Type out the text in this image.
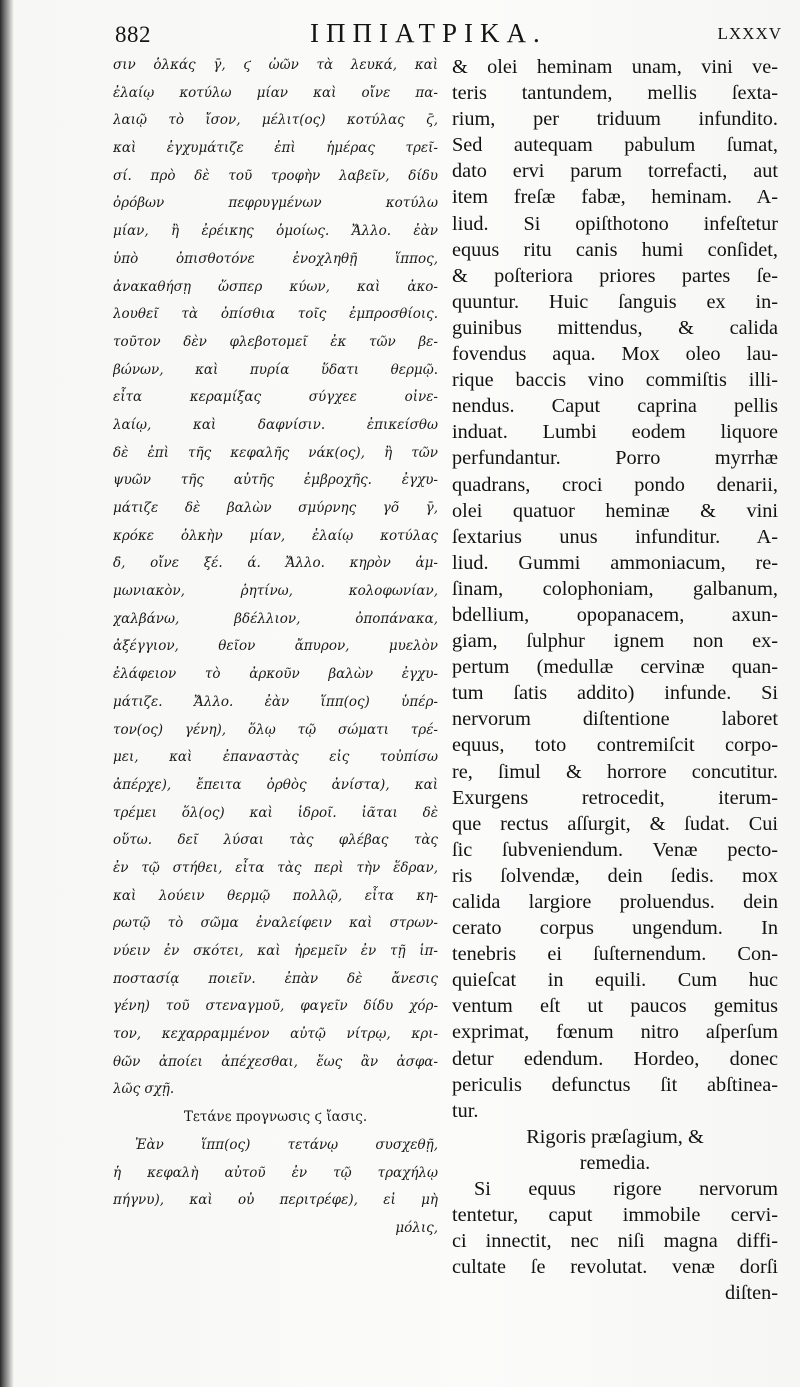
882	ΙΠΠΙΑΤΡΙΚΑ.	LXXXV
σιν ὁλκάς γ̄, ϛ ὠῶν τὰ λευκά, καὶ
ἐλαίῳ κοτύλω μίαν καὶ οἴνε πα-
λαιῷ τὸ ἴσον, μέλιτ(ος) κοτύλας ϛ̄,
καὶ ἐγχυμάτιζε ἐπὶ ἡμέρας τρεῖ-
σί. πρὸ δὲ τοῦ τροφὴν λαβεῖν, δίδυ
ὀρόβων πεφρυγμένων κοτύλω
μίαν, ἢ ἐρέικης ὁμοίως. Ἄλλο. ἐὰν
ὑπὸ ὀπισθοτόνε ἐνοχληθῇ ἵππος,
ἀνακαθήσῃ ὥσπερ κύων, καὶ ἀκο-
λουθεῖ τὰ ὀπίσθια τοῖς ἐμπροσθίοις.
τοῦτον δὲν φλεβοτομεῖ ἐκ τῶν βε-
βώνων, καὶ πυρία ὕδατι θερμῷ.
εἶτα κεραμίξας σύγχεε οἰνε-
λαίῳ, καὶ δαφνίσιν. ἐπικείσθω
δὲ ἐπὶ τῆς κεφαλῆς νάκ(ος), ἢ τῶν
ψυῶν τῆς αὐτῆς ἐμβροχῆς. ἐγχυ-
μάτιζε δὲ βαλὼν σμύρνης γο̃ γ̄,
κρόκε ὁλκὴν μίαν, ἐλαίῳ κοτύλας
δ̄, οἴνε ξέ. ά. Ἄλλο. κηρὸν ἀμ-
μωνιακὸν, ῥητίνω, κολοφωνίαν,
χαλβάνω, βδέλλιον, ὀποπάνακα,
ἀξέγγιον, θεῖον ἄπυρον, μυελὸν
ἐλάφειον τὸ ἀρκοῦν βαλὼν ἐγχυ-
μάτιζε. Ἄλλο. ἐὰν ἵππ(ος) ὑπέρ-
τον(ος) γένη), ὅλῳ τῷ σώματι τρέ-
μει, καὶ ἐπαναστὰς εἰς τοὐπίσω
ἀπέρχε), ἔπειτα ὀρθὸς ἀνίστα), καὶ
τρέμει ὅλ(ος) καὶ ἱδροῖ. ἰᾶται δὲ
οὕτω. δεῖ λύσαι τὰς φλέβας τὰς
ἐν τῷ στήθει, εἶτα τὰς περὶ τὴν ἕδραν,
καὶ λούειν θερμῷ πολλῷ, εἶτα κη-
ρωτῷ τὸ σῶμα ἐναλείφειν καὶ στρων-
νύειν ἐν σκότει, καὶ ἠρεμεῖν ἐν τῇ ἱπ-
ποστασίᾳ ποιεῖν. ἐπὰν δὲ ἄνεσις
γένη) τοῦ στεναγμοῦ, φαγεῖν δίδυ χόρ-
τον, κεχαρραμμένον αὐτῷ νίτρῳ, κρι-
θῶν ἀποίει ἀπέχεσθαι, ἕως ἂν ἀσφα-
λῶς σχῇ.
Τετάνε προγνωσις ϛ ἴασις.
Ἐὰν ἵππ(ος) τετάνῳ συσχεθῇ,
ἡ κεφαλὴ αὐτοῦ ἐν τῷ τραχήλῳ
πήγνυ), καὶ οὐ περιτρέφε), εἰ μὴ
μόλις,
& olei heminam unam, vini ve-
teris tantundem, mellis ſexta-
rium, per triduum infundito.
Sed autequam pabulum ſumat,
dato ervi parum torrefacti, aut
item freſæ fabæ, heminam. A-
liud. Si opiſthotono infeſtetur
equus ritu canis humi conſidet,
& poſteriora priores partes ſe-
quuntur. Huic ſanguis ex in-
guinibus mittendus, & calida
fovendus aqua. Mox oleo lau-
rique baccis vino commiſtis illi-
nendus. Caput caprina pellis
induat. Lumbi eodem liquore
perfundantur. Porro myrrhæ
quadrans, croci pondo denarii,
olei quatuor heminæ & vini
ſextarius unus infunditur. A-
liud. Gummi ammoniacum, re-
ſinam, colophoniam, galbanum,
bdellium, opopanacem, axun-
giam, ſulphur ignem non ex-
pertum (medullæ cervinæ quan-
tum ſatis addito) infunde. Si
nervorum diſtentione laboret
equus, toto contremiſcit corpo-
re, ſimul & horrore concutitur.
Exurgens retrocedit, iterum-
que rectus aſſurgit, & ſudat. Cui
ſic ſubveniendum. Venæ pecto-
ris ſolvendæ, dein ſedis. mox
calida largiore proluendus. dein
cerato corpus ungendum. In
tenebris ei ſuſternendum. Con-
quieſcat in equili. Cum huc
ventum eſt ut paucos gemitus
exprimat, fœnum nitro aſperſum
detur edendum. Hordeo, donec
periculis defunctus ſit abſtinea-
tur.
Rigoris præſagium, &
remedia.
Si equus rigore nervorum
tentetur, caput immobile cervi-
ci innectit, nec niſi magna diffi-
cultate ſe revolutat. venæ dorſi
diſten-
